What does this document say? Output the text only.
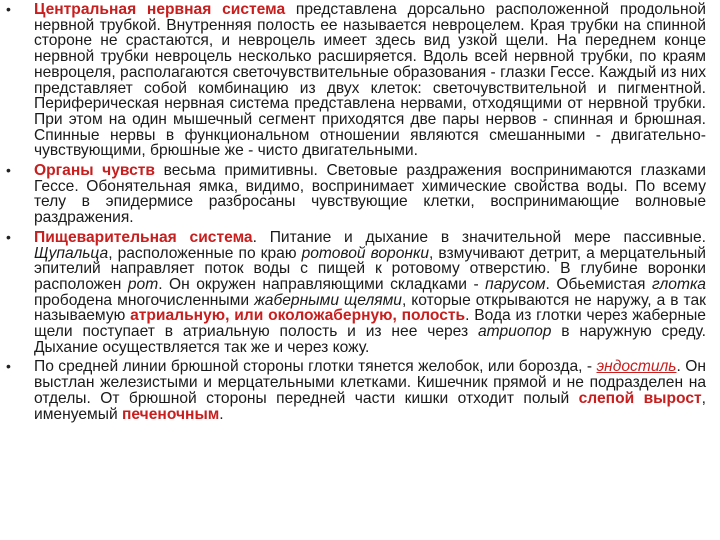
• Центральная нервная система представлена дорсально расположенной продольной нервной трубкой. Внутренняя полость ее называется невроцелем. Края трубки на спинной стороне не срастаются, и невроцель имеет здесь вид узкой щели. На переднем конце нервной трубки невроцель несколько расширяется. Вдоль всей нервной трубки, по краям невроцеля, располагаются светочувствительные образования - глазки Гессе. Каждый из них представляет собой комбинацию из двух клеток: светочувствительной и пигментной. Периферическая нервная система представлена нервами, отходящими от нервной трубки. При этом на один мышечный сегмент приходятся две пары нервов - спинная и брюшная. Спинные нервы в функциональном отношении являются смешанными - двигательно- чувствующими, брюшные же - чисто двигательными.
• Органы чувств весьма примитивны. Световые раздражения воспринимаются глазками Гессе. Обонятельная ямка, видимо, воспринимает химические свойства воды. По всему телу в эпидермисе разбросаны чувствующие клетки, воспринимающие волновые раздражения.
• Пищеварительная система. Питание и дыхание в значительной мере пассивные. Щупальца, расположенные по краю ротовой воронки, взмучивают детрит, а мерцательный эпителий направляет поток воды с пищей к ротовому отверстию. В глубине воронки расположен рот. Он окружен направляющими складками - парусом. Обьемистая глотка прободена многочисленными жаберными щелями, которые открываются не наружу, а в так называемую атриальную, или околожаберную, полость. Вода из глотки через жаберные щели поступает в атриальную полость и из нее через атриопор в наружную среду. Дыхание осуществляется так же и через кожу.
• По средней линии брюшной стороны глотки тянется желобок, или борозда, - эндостиль. Он выстлан железистыми и мерцательными клетками. Кишечник прямой и не подразделен на отделы. От брюшной стороны передней части кишки отходит полый слепой вырост, именуемый печеночным.
